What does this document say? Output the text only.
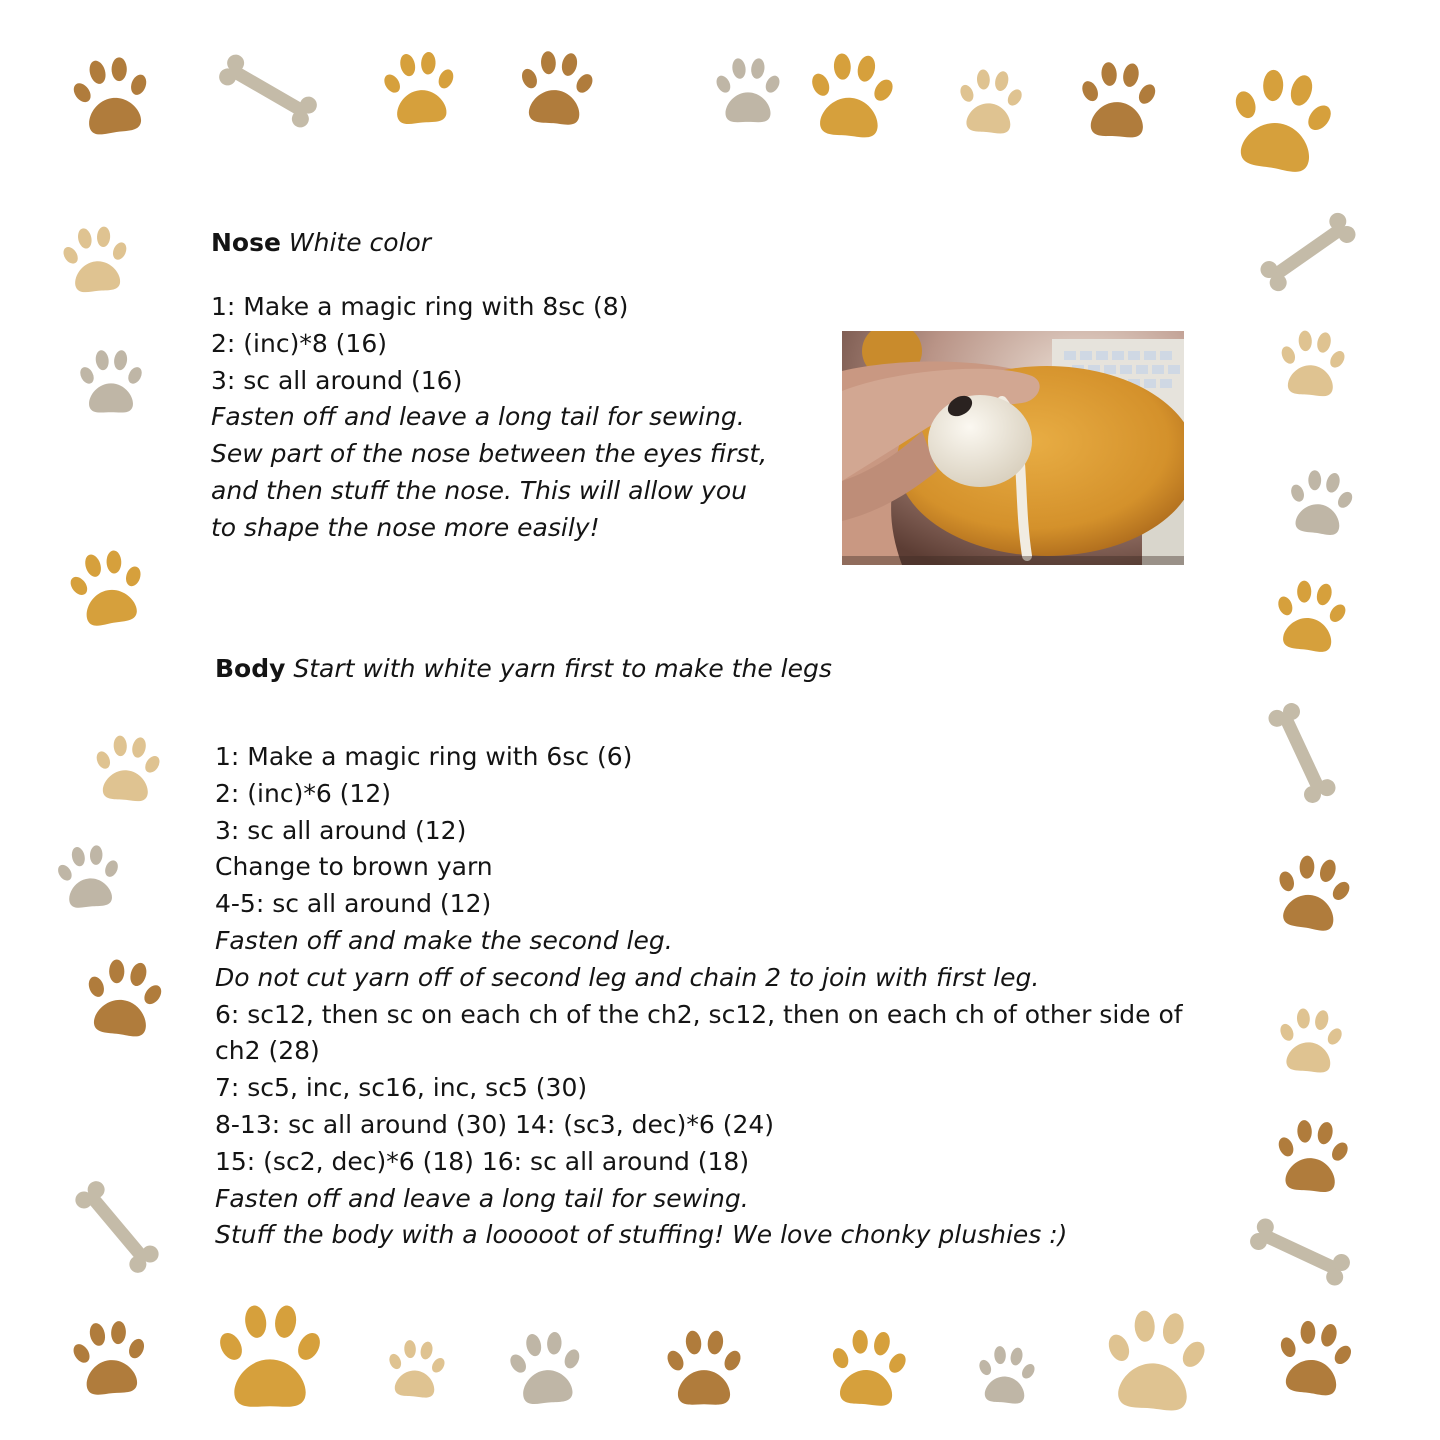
Nose White color

1: Make a magic ring with 8sc (8)
2: (inc)*8 (16)
3: sc all around (16)
Fasten off and leave a long tail for sewing.
Sew part of the nose between the eyes first,
and then stuff the nose. This will allow you
to shape the nose more easily!

Body Start with white yarn first to make the legs

1: Make a magic ring with 6sc (6)
2: (inc)*6 (12)
3: sc all around (12)
Change to brown yarn
4-5: sc all around (12)
Fasten off and make the second leg.
Do not cut yarn off of second leg and chain 2 to join with first leg.
6: sc12, then sc on each ch of the ch2, sc12, then on each ch of other side of
ch2 (28)
7: sc5, inc, sc16, inc, sc5 (30)
8-13: sc all around (30) 14: (sc3, dec)*6 (24)
15: (sc2, dec)*6 (18) 16: sc all around (18)
Fasten off and leave a long tail for sewing.
Stuff the body with a looooot of stuffing! We love chonky plushies :)
